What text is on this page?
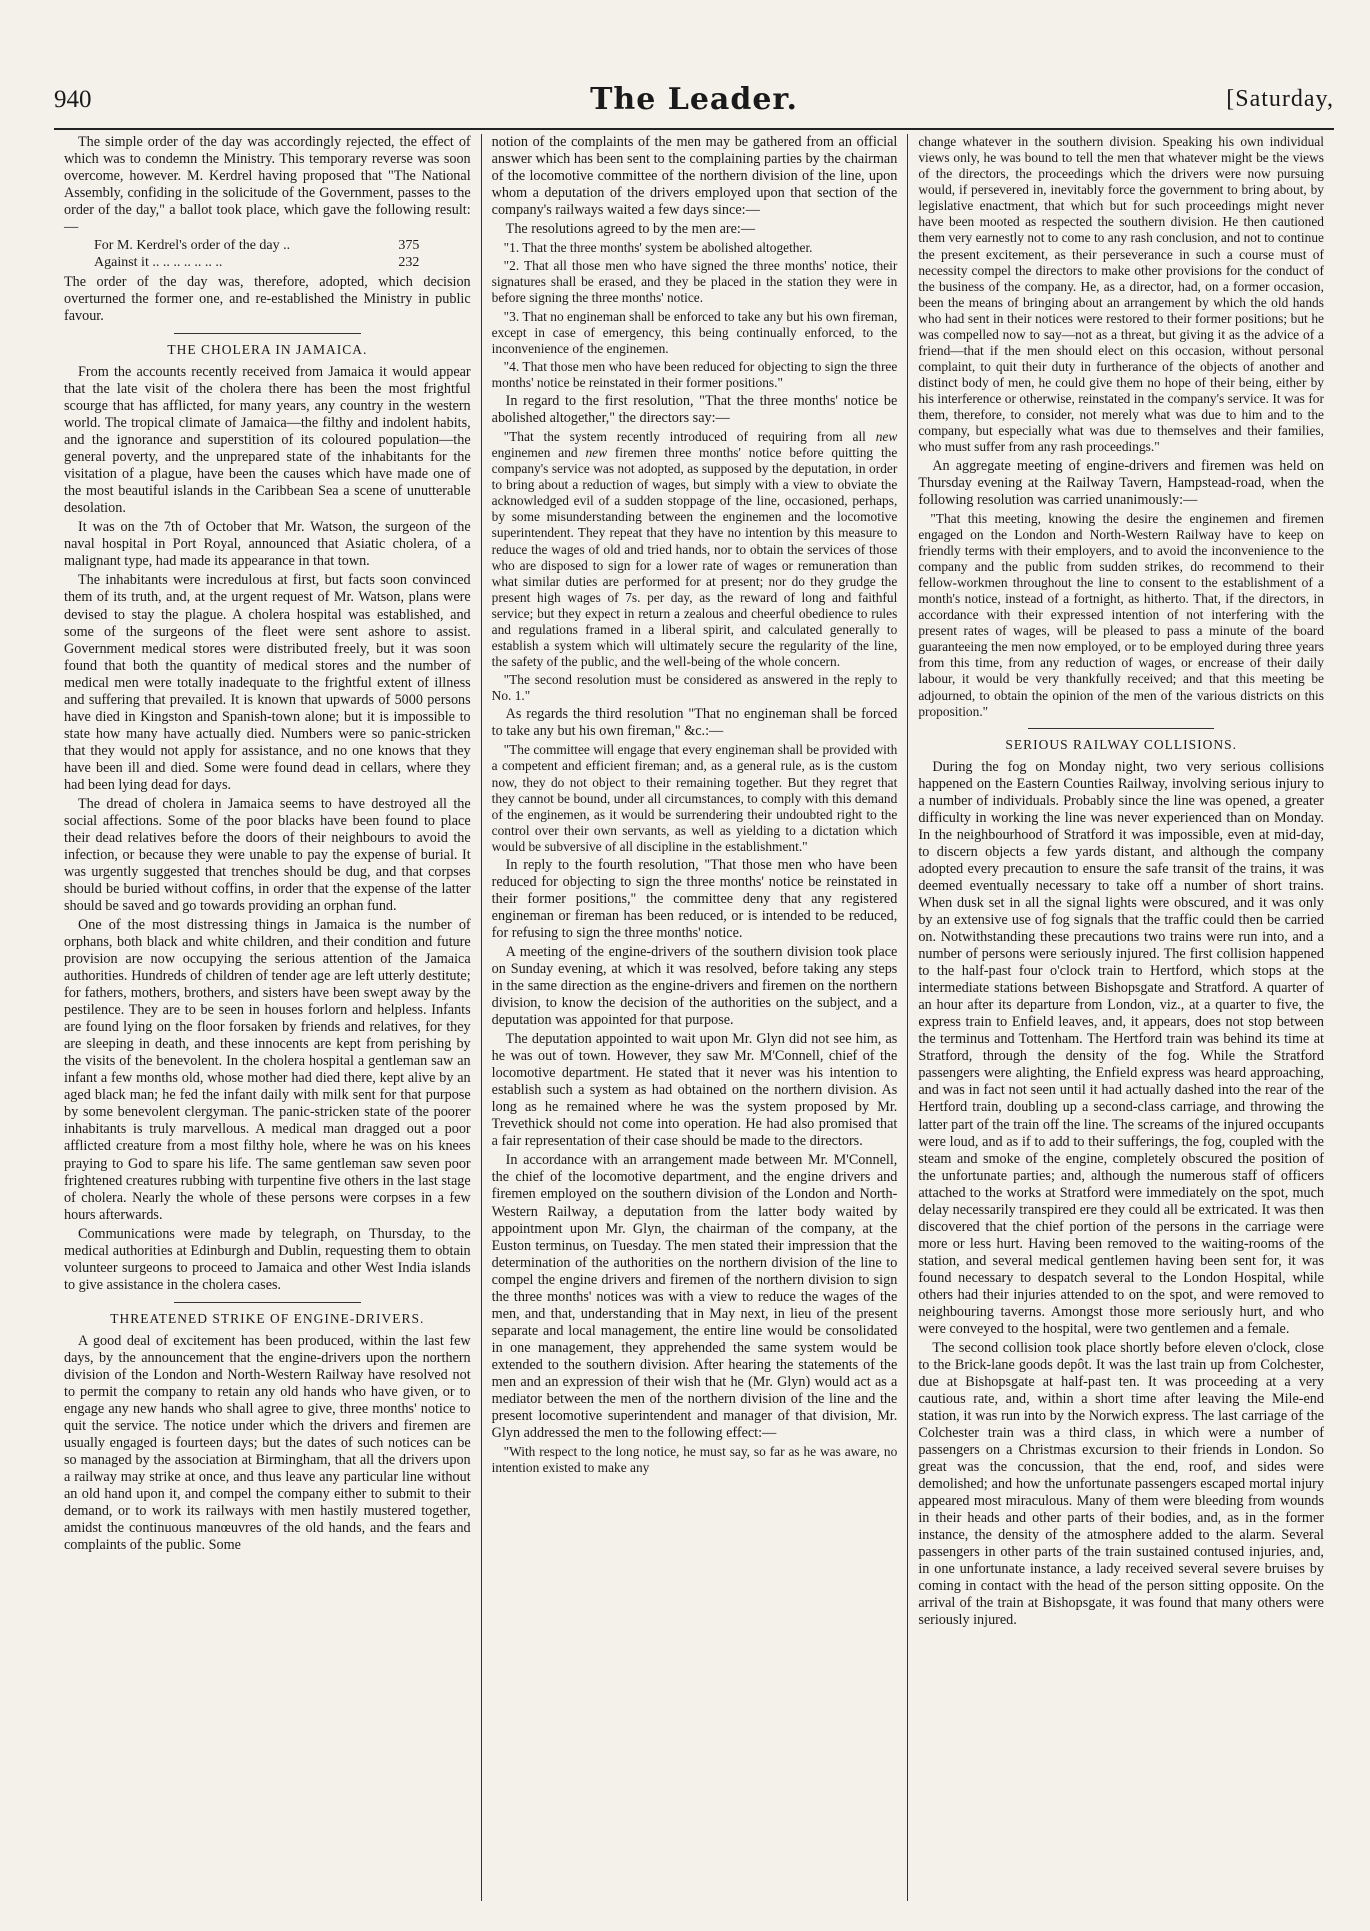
940	The Leader.	[Saturday,

The simple order of the day was accordingly rejected, the effect of which was to condemn the Ministry. This temporary reverse was soon overcome, however. M. Kerdrel having proposed that "The National Assembly, confiding in the solicitude of the Government, passes to the order of the day," a ballot took place, which gave the following result:—

For M. Kerdrel's order of the day ..	375
Against it .. .. .. .. .. .. ..	232

The order of the day was, therefore, adopted, which decision overturned the former one, and re-established the Ministry in public favour.

THE CHOLERA IN JAMAICA.

From the accounts recently received from Jamaica it would appear that the late visit of the cholera there has been the most frightful scourge that has afflicted, for many years, any country in the western world. The tropical climate of Jamaica—the filthy and indolent habits, and the ignorance and superstition of its coloured population—the general poverty, and the unprepared state of the inhabitants for the visitation of a plague, have been the causes which have made one of the most beautiful islands in the Caribbean Sea a scene of unutterable desolation.

It was on the 7th of October that Mr. Watson, the surgeon of the naval hospital in Port Royal, announced that Asiatic cholera, of a malignant type, had made its appearance in that town.

The inhabitants were incredulous at first, but facts soon convinced them of its truth, and, at the urgent request of Mr. Watson, plans were devised to stay the plague. A cholera hospital was established, and some of the surgeons of the fleet were sent ashore to assist. Government medical stores were distributed freely, but it was soon found that both the quantity of medical stores and the number of medical men were totally inadequate to the frightful extent of illness and suffering that prevailed. It is known that upwards of 5000 persons have died in Kingston and Spanish-town alone; but it is impossible to state how many have actually died. Numbers were so panic-stricken that they would not apply for assistance, and no one knows that they have been ill and died. Some were found dead in cellars, where they had been lying dead for days.

The dread of cholera in Jamaica seems to have destroyed all the social affections. Some of the poor blacks have been found to place their dead relatives before the doors of their neighbours to avoid the infection, or because they were unable to pay the expense of burial. It was urgently suggested that trenches should be dug, and that corpses should be buried without coffins, in order that the expense of the latter should be saved and go towards providing an orphan fund.

One of the most distressing things in Jamaica is the number of orphans, both black and white children, and their condition and future provision are now occupying the serious attention of the Jamaica authorities. Hundreds of children of tender age are left utterly destitute; for fathers, mothers, brothers, and sisters have been swept away by the pestilence. They are to be seen in houses forlorn and helpless. Infants are found lying on the floor forsaken by friends and relatives, for they are sleeping in death, and these innocents are kept from perishing by the visits of the benevolent. In the cholera hospital a gentleman saw an infant a few months old, whose mother had died there, kept alive by an aged black man; he fed the infant daily with milk sent for that purpose by some benevolent clergyman. The panic-stricken state of the poorer inhabitants is truly marvellous. A medical man dragged out a poor afflicted creature from a most filthy hole, where he was on his knees praying to God to spare his life. The same gentleman saw seven poor frightened creatures rubbing with turpentine five others in the last stage of cholera. Nearly the whole of these persons were corpses in a few hours afterwards.

Communications were made by telegraph, on Thursday, to the medical authorities at Edinburgh and Dublin, requesting them to obtain volunteer surgeons to proceed to Jamaica and other West India islands to give assistance in the cholera cases.

THREATENED STRIKE OF ENGINE-DRIVERS.

A good deal of excitement has been produced, within the last few days, by the announcement that the engine-drivers upon the northern division of the London and North-Western Railway have resolved not to permit the company to retain any old hands who have given, or to engage any new hands who shall agree to give, three months' notice to quit the service. The notice under which the drivers and firemen are usually engaged is fourteen days; but the dates of such notices can be so managed by the association at Birmingham, that all the drivers upon a railway may strike at once, and thus leave any particular line without an old hand upon it, and compel the company either to submit to their demand, or to work its railways with men hastily mustered together, amidst the continuous manœuvres of the old hands, and the fears and complaints of the public. Some

notion of the complaints of the men may be gathered from an official answer which has been sent to the complaining parties by the chairman of the locomotive committee of the northern division of the line, upon whom a deputation of the drivers employed upon that section of the company's railways waited a few days since:—

The resolutions agreed to by the men are:—

"1. That the three months' system be abolished altogether.

"2. That all those men who have signed the three months' notice, their signatures shall be erased, and they be placed in the station they were in before signing the three months' notice.

"3. That no engineman shall be enforced to take any but his own fireman, except in case of emergency, this being continually enforced, to the inconvenience of the enginemen.

"4. That those men who have been reduced for objecting to sign the three months' notice be reinstated in their former positions."

In regard to the first resolution, "That the three months' notice be abolished altogether," the directors say:—

"That the system recently introduced of requiring from all new enginemen and new firemen three months' notice before quitting the company's service was not adopted, as supposed by the deputation, in order to bring about a reduction of wages, but simply with a view to obviate the acknowledged evil of a sudden stoppage of the line, occasioned, perhaps, by some misunderstanding between the enginemen and the locomotive superintendent. They repeat that they have no intention by this measure to reduce the wages of old and tried hands, nor to obtain the services of those who are disposed to sign for a lower rate of wages or remuneration than what similar duties are performed for at present; nor do they grudge the present high wages of 7s. per day, as the reward of long and faithful service; but they expect in return a zealous and cheerful obedience to rules and regulations framed in a liberal spirit, and calculated generally to establish a system which will ultimately secure the regularity of the line, the safety of the public, and the well-being of the whole concern.

"The second resolution must be considered as answered in the reply to No. 1."

As regards the third resolution "That no engineman shall be forced to take any but his own fireman," &c.:—

"The committee will engage that every engineman shall be provided with a competent and efficient fireman; and, as a general rule, as is the custom now, they do not object to their remaining together. But they regret that they cannot be bound, under all circumstances, to comply with this demand of the enginemen, as it would be surrendering their undoubted right to the control over their own servants, as well as yielding to a dictation which would be subversive of all discipline in the establishment."

In reply to the fourth resolution, "That those men who have been reduced for objecting to sign the three months' notice be reinstated in their former positions," the committee deny that any registered engineman or fireman has been reduced, or is intended to be reduced, for refusing to sign the three months' notice.

A meeting of the engine-drivers of the southern division took place on Sunday evening, at which it was resolved, before taking any steps in the same direction as the engine-drivers and firemen on the northern division, to know the decision of the authorities on the subject, and a deputation was appointed for that purpose.

The deputation appointed to wait upon Mr. Glyn did not see him, as he was out of town. However, they saw Mr. M'Connell, chief of the locomotive department. He stated that it never was his intention to establish such a system as had obtained on the northern division. As long as he remained where he was the system proposed by Mr. Trevethick should not come into operation. He had also promised that a fair representation of their case should be made to the directors.

In accordance with an arrangement made between Mr. M'Connell, the chief of the locomotive department, and the engine drivers and firemen employed on the southern division of the London and North-Western Railway, a deputation from the latter body waited by appointment upon Mr. Glyn, the chairman of the company, at the Euston terminus, on Tuesday. The men stated their impression that the determination of the authorities on the northern division of the line to compel the engine drivers and firemen of the northern division to sign the three months' notices was with a view to reduce the wages of the men, and that, understanding that in May next, in lieu of the present separate and local management, the entire line would be consolidated in one management, they apprehended the same system would be extended to the southern division. After hearing the statements of the men and an expression of their wish that he (Mr. Glyn) would act as a mediator between the men of the northern division of the line and the present locomotive superintendent and manager of that division, Mr. Glyn addressed the men to the following effect:—

"With respect to the long notice, he must say, so far as he was aware, no intention existed to make any

change whatever in the southern division. Speaking his own individual views only, he was bound to tell the men that whatever might be the views of the directors, the proceedings which the drivers were now pursuing would, if persevered in, inevitably force the government to bring about, by legislative enactment, that which but for such proceedings might never have been mooted as respected the southern division. He then cautioned them very earnestly not to come to any rash conclusion, and not to continue the present excitement, as their perseverance in such a course must of necessity compel the directors to make other provisions for the conduct of the business of the company. He, as a director, had, on a former occasion, been the means of bringing about an arrangement by which the old hands who had sent in their notices were restored to their former positions; but he was compelled now to say—not as a threat, but giving it as the advice of a friend—that if the men should elect on this occasion, without personal complaint, to quit their duty in furtherance of the objects of another and distinct body of men, he could give them no hope of their being, either by his interference or otherwise, reinstated in the company's service. It was for them, therefore, to consider, not merely what was due to him and to the company, but especially what was due to themselves and their families, who must suffer from any rash proceedings."

An aggregate meeting of engine-drivers and firemen was held on Thursday evening at the Railway Tavern, Hampstead-road, when the following resolution was carried unanimously:—

"That this meeting, knowing the desire the enginemen and firemen engaged on the London and North-Western Railway have to keep on friendly terms with their employers, and to avoid the inconvenience to the company and the public from sudden strikes, do recommend to their fellow-workmen throughout the line to consent to the establishment of a month's notice, instead of a fortnight, as hitherto. That, if the directors, in accordance with their expressed intention of not interfering with the present rates of wages, will be pleased to pass a minute of the board guaranteeing the men now employed, or to be employed during three years from this time, from any reduction of wages, or encrease of their daily labour, it would be very thankfully received; and that this meeting be adjourned, to obtain the opinion of the men of the various districts on this proposition."

SERIOUS RAILWAY COLLISIONS.

During the fog on Monday night, two very serious collisions happened on the Eastern Counties Railway, involving serious injury to a number of individuals. Probably since the line was opened, a greater difficulty in working the line was never experienced than on Monday. In the neighbourhood of Stratford it was impossible, even at mid-day, to discern objects a few yards distant, and although the company adopted every precaution to ensure the safe transit of the trains, it was deemed eventually necessary to take off a number of short trains. When dusk set in all the signal lights were obscured, and it was only by an extensive use of fog signals that the traffic could then be carried on. Notwithstanding these precautions two trains were run into, and a number of persons were seriously injured. The first collision happened to the half-past four o'clock train to Hertford, which stops at the intermediate stations between Bishopsgate and Stratford. A quarter of an hour after its departure from London, viz., at a quarter to five, the express train to Enfield leaves, and, it appears, does not stop between the terminus and Tottenham. The Hertford train was behind its time at Stratford, through the density of the fog. While the Stratford passengers were alighting, the Enfield express was heard approaching, and was in fact not seen until it had actually dashed into the rear of the Hertford train, doubling up a second-class carriage, and throwing the latter part of the train off the line. The screams of the injured occupants were loud, and as if to add to their sufferings, the fog, coupled with the steam and smoke of the engine, completely obscured the position of the unfortunate parties; and, although the numerous staff of officers attached to the works at Stratford were immediately on the spot, much delay necessarily transpired ere they could all be extricated. It was then discovered that the chief portion of the persons in the carriage were more or less hurt. Having been removed to the waiting-rooms of the station, and several medical gentlemen having been sent for, it was found necessary to despatch several to the London Hospital, while others had their injuries attended to on the spot, and were removed to neighbouring taverns. Amongst those more seriously hurt, and who were conveyed to the hospital, were two gentlemen and a female.

The second collision took place shortly before eleven o'clock, close to the Brick-lane goods depôt. It was the last train up from Colchester, due at Bishopsgate at half-past ten. It was proceeding at a very cautious rate, and, within a short time after leaving the Mile-end station, it was run into by the Norwich express. The last carriage of the Colchester train was a third class, in which were a number of passengers on a Christmas excursion to their friends in London. So great was the concussion, that the end, roof, and sides were demolished; and how the unfortunate passengers escaped mortal injury appeared most miraculous. Many of them were bleeding from wounds in their heads and other parts of their bodies, and, as in the former instance, the density of the atmosphere added to the alarm. Several passengers in other parts of the train sustained contused injuries, and, in one unfortunate instance, a lady received several severe bruises by coming in contact with the head of the person sitting opposite. On the arrival of the train at Bishopsgate, it was found that many others were seriously injured.
